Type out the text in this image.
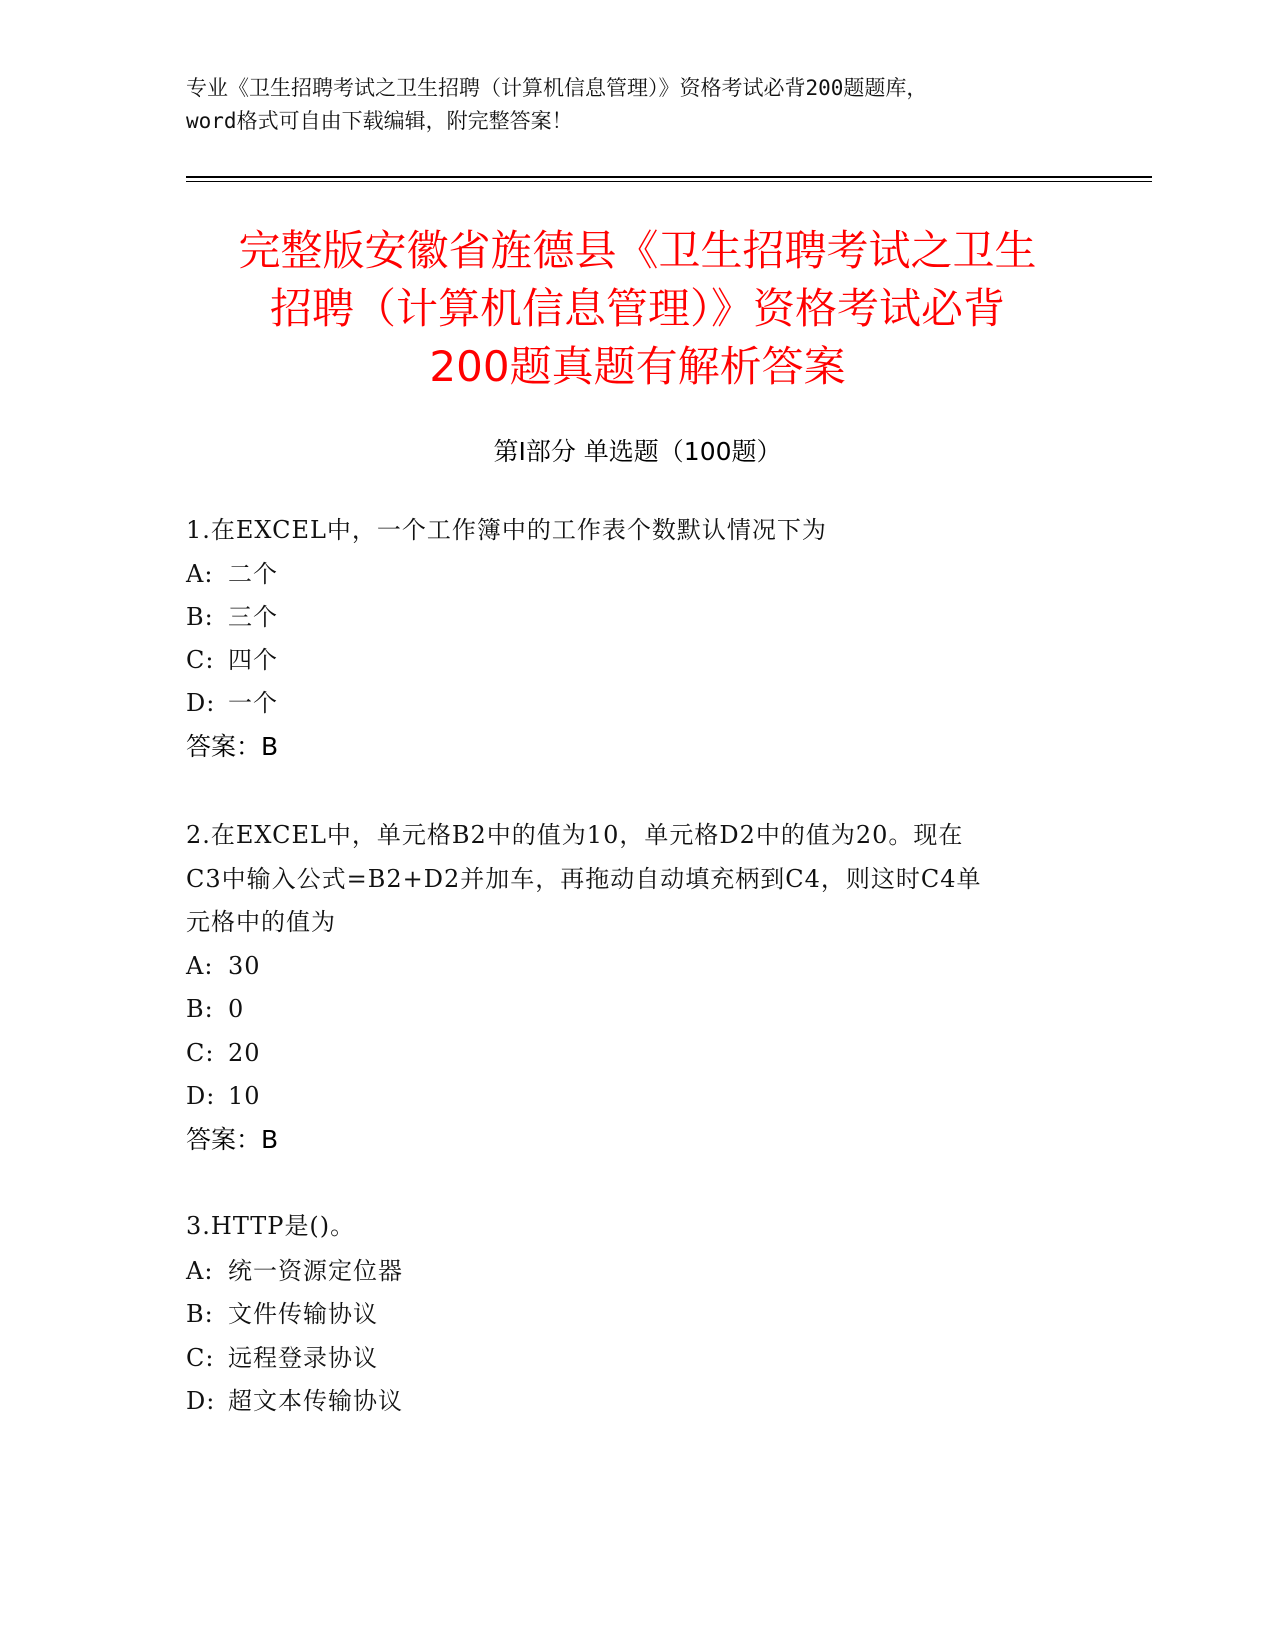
专业《卫生招聘考试之卫生招聘（计算机信息管理）》资格考试必背200题题库，
word格式可自由下载编辑，附完整答案！
完整版安徽省旌德县《卫生招聘考试之卫生
招聘（计算机信息管理）》资格考试必背
200题真题有解析答案
第I部分 单选题（100题）
1.在EXCEL中，一个工作簿中的工作表个数默认情况下为
A: 二个
B: 三个
C: 四个
D: 一个
答案：B
2.在EXCEL中，单元格B2中的值为10，单元格D2中的值为20。现在
C3中输入公式=B2+D2并加车，再拖动自动填充柄到C4，则这时C4单
元格中的值为
A: 30
B: 0
C: 20
D: 10
答案：B
3.HTTP是()。
A: 统一资源定位器
B: 文件传输协议
C: 远程登录协议
D: 超文本传输协议
